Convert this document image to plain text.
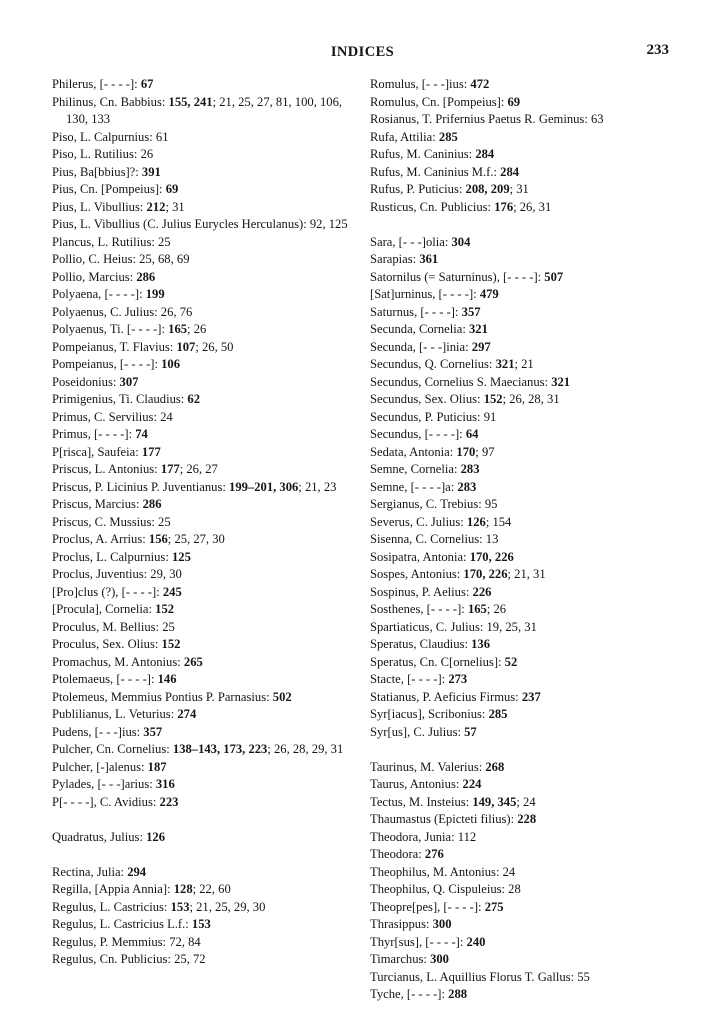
INDICES	233
Philerus, [- - - -]: 67
Philinus, Cn. Babbius: 155, 241; 21, 25, 27, 81, 100, 106, 130, 133
Piso, L. Calpurnius: 61
Piso, L. Rutilius: 26
Pius, Ba[bbius]?: 391
Pius, Cn. [Pompeius]: 69
Pius, L. Vibullius: 212; 31
Pius, L. Vibullius (C. Julius Eurycles Herculanus): 92, 125
Plancus, L. Rutilius: 25
Pollio, C. Heius: 25, 68, 69
Pollio, Marcius: 286
Polyaena, [- - - -]: 199
Polyaenus, C. Julius: 26, 76
Polyaenus, Ti. [- - - -]: 165; 26
Pompeianus, T. Flavius: 107; 26, 50
Pompeianus, [- - - -]: 106
Poseidonius: 307
Primigenius, Ti. Claudius: 62
Primus, C. Servilius: 24
Primus, [- - - -]: 74
P[risca], Saufeia: 177
Priscus, L. Antonius: 177; 26, 27
Priscus, P. Licinius P. Juventianus: 199–201, 306; 21, 23
Priscus, Marcius: 286
Priscus, C. Mussius: 25
Proclus, A. Arrius: 156; 25, 27, 30
Proclus, L. Calpurnius: 125
Proclus, Juventius: 29, 30
[Pro]clus (?), [- - - -]: 245
[Procula], Cornelia: 152
Proculus, M. Bellius: 25
Proculus, Sex. Olius: 152
Promachus, M. Antonius: 265
Ptolemaeus, [- - - -]: 146
Ptolemeus, Memmius Pontius P. Parnasius: 502
Publilianus, L. Veturius: 274
Pudens, [- - -]ius: 357
Pulcher, Cn. Cornelius: 138–143, 173, 223; 26, 28, 29, 31
Pulcher, [-]alenus: 187
Pylades, [- - -]arius: 316
P[- - - -], C. Avidius: 223
Quadratus, Julius: 126
Rectina, Julia: 294
Regilla, [Appia Annia]: 128; 22, 60
Regulus, L. Castricius: 153; 21, 25, 29, 30
Regulus, L. Castricius L.f.: 153
Regulus, P. Memmius: 72, 84
Regulus, Cn. Publicius: 25, 72
Romulus, [- - -]ius: 472
Romulus, Cn. [Pompeius]: 69
Rosianus, T. Prifernius Paetus R. Geminus: 63
Rufa, Attilia: 285
Rufus, M. Caninius: 284
Rufus, M. Caninius M.f.: 284
Rufus, P. Puticius: 208, 209; 31
Rusticus, Cn. Publicius: 176; 26, 31
Sara, [- - -]olia: 304
Sarapias: 361
Satornilus (= Saturninus), [- - - -]: 507
[Sat]urninus, [- - - -]: 479
Saturnus, [- - - -]: 357
Secunda, Cornelia: 321
Secunda, [- - -]inia: 297
Secundus, Q. Cornelius: 321; 21
Secundus, Cornelius S. Maecianus: 321
Secundus, Sex. Olius: 152; 26, 28, 31
Secundus, P. Puticius: 91
Secundus, [- - - -]: 64
Sedata, Antonia: 170; 97
Semne, Cornelia: 283
Semne, [- - - -]a: 283
Sergianus, C. Trebius: 95
Severus, C. Julius: 126; 154
Sisenna, C. Cornelius: 13
Sosipatra, Antonia: 170, 226
Sospes, Antonius: 170, 226; 21, 31
Sospinus, P. Aelius: 226
Sosthenes, [- - - -]: 165; 26
Spartiaticus, C. Julius: 19, 25, 31
Speratus, Claudius: 136
Speratus, Cn. C[ornelius]: 52
Stacte, [- - - -]: 273
Statianus, P. Aeficius Firmus: 237
Syr[iacus], Scribonius: 285
Syr[us], C. Julius: 57
Taurinus, M. Valerius: 268
Taurus, Antonius: 224
Tectus, M. Insteius: 149, 345; 24
Thaumastus (Epicteti filius): 228
Theodora, Junia: 112
Theodora: 276
Theophilus, M. Antonius: 24
Theophilus, Q. Cispuleius: 28
Theopre[pes], [- - - -]: 275
Thrasippus: 300
Thyr[sus], [- - - -]: 240
Timarchus: 300
Turcianus, L. Aquillius Florus T. Gallus: 55
Tyche, [- - - -]: 288
